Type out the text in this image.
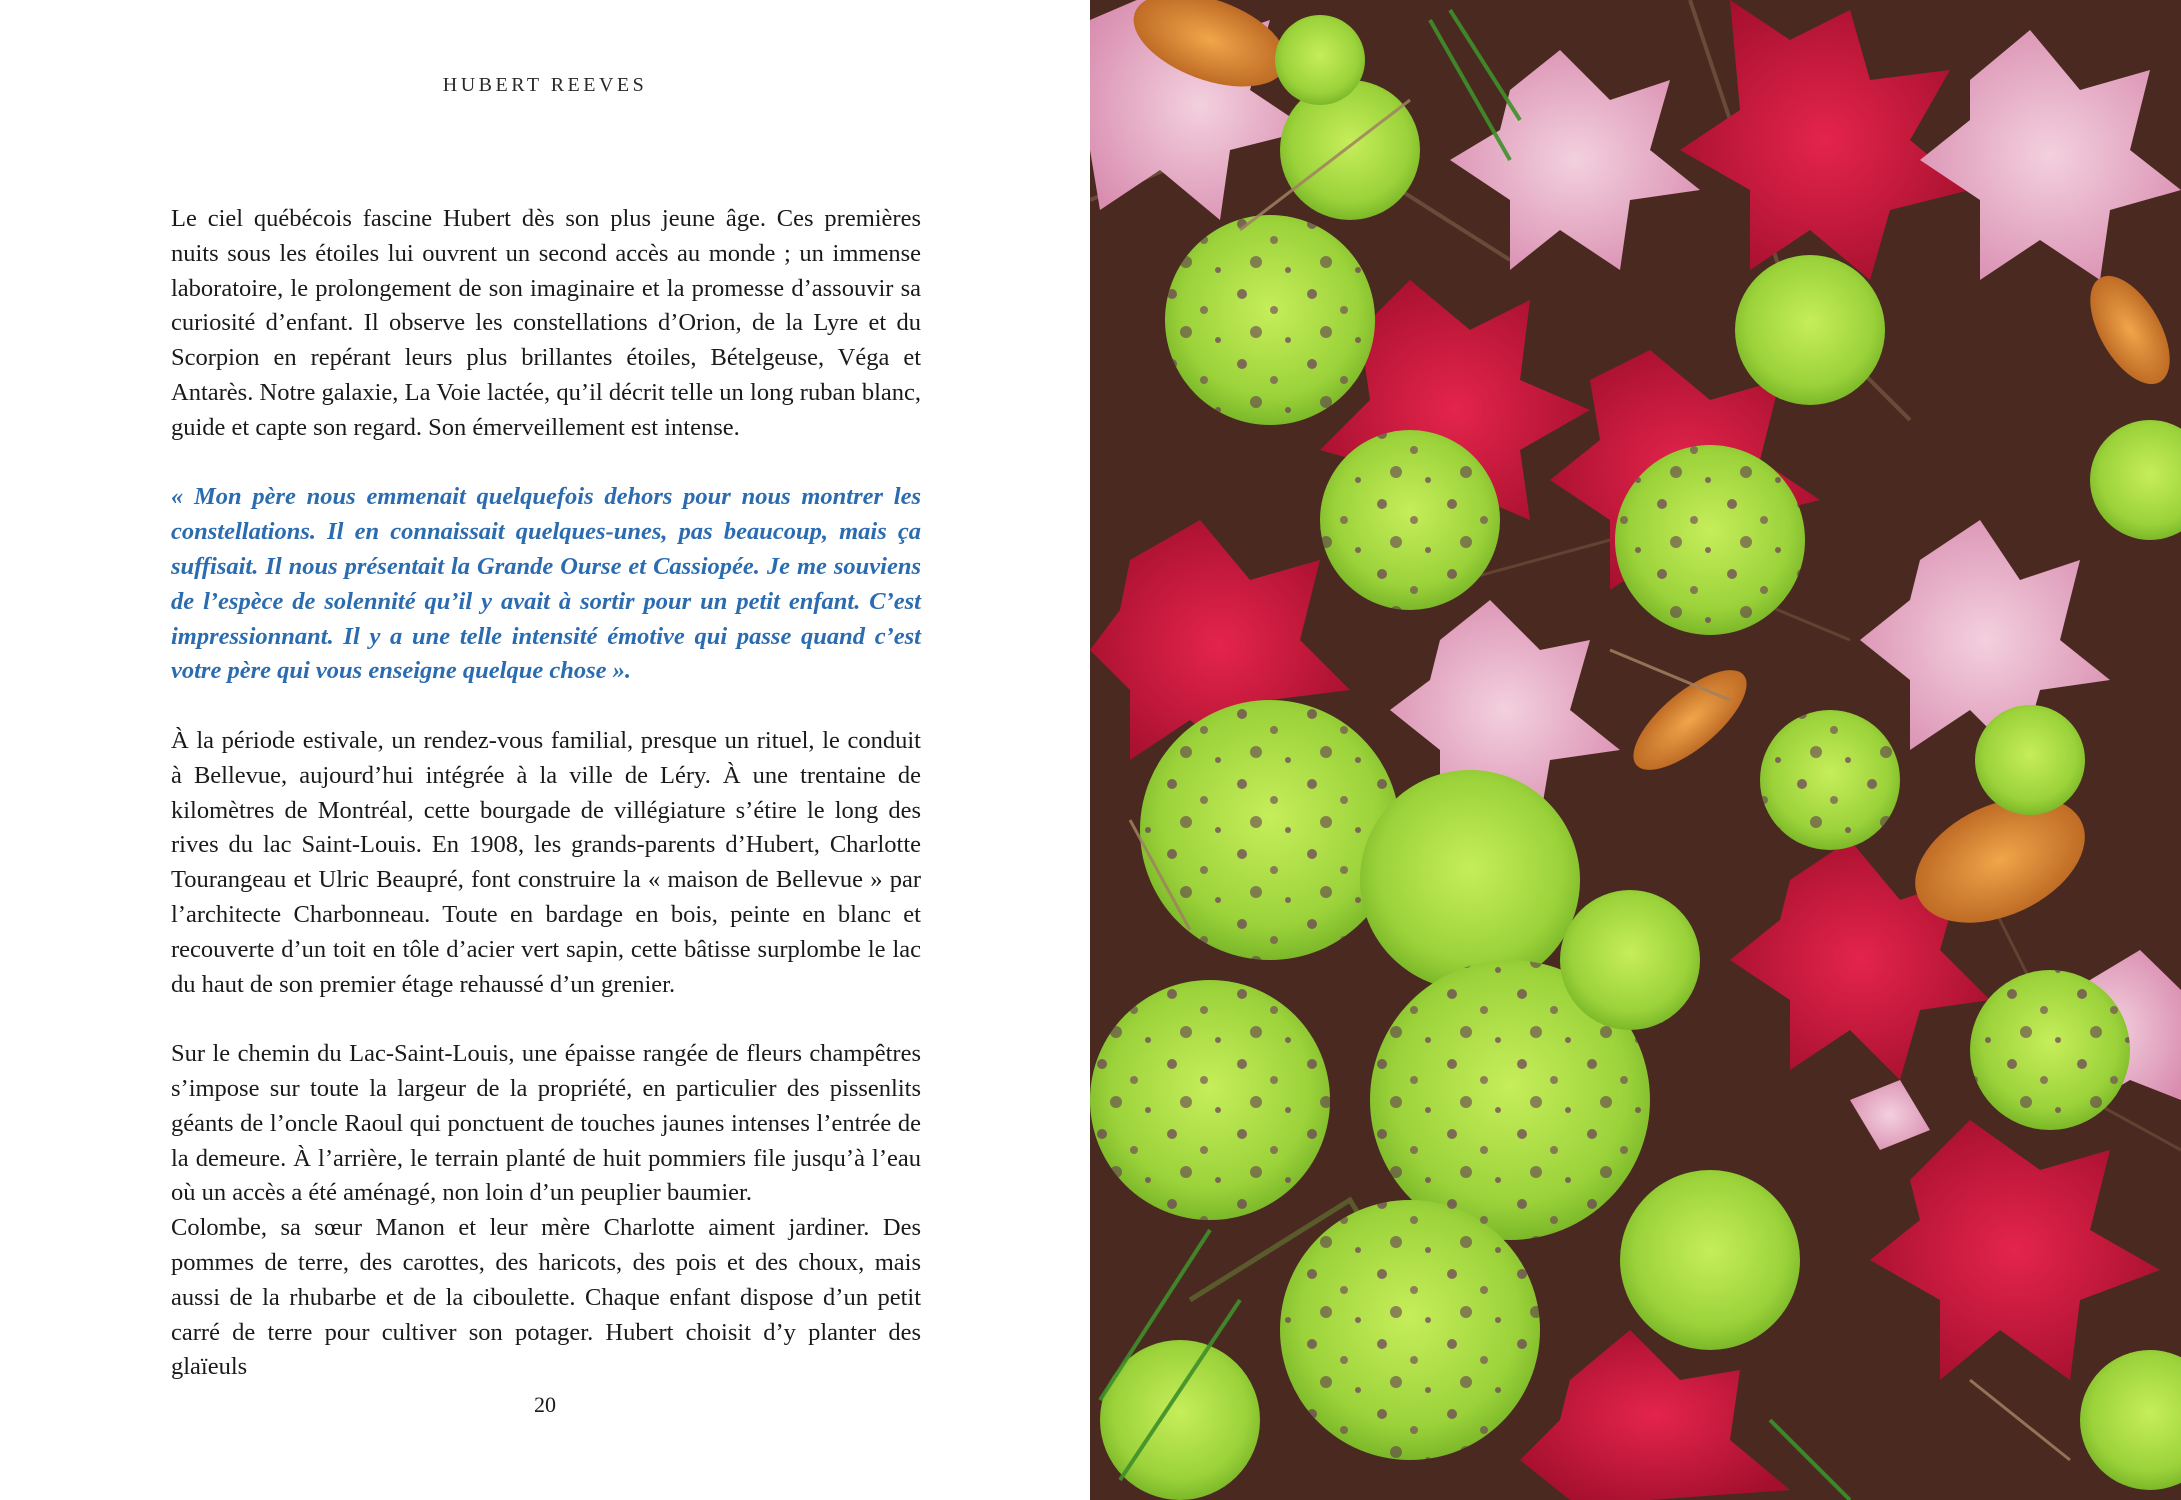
HUBERT REEVES

Le ciel québécois fascine Hubert dès son plus jeune âge. Ces premières nuits sous les étoiles lui ouvrent un second accès au monde ; un immense laboratoire, le prolongement de son imaginaire et la promesse d’assouvir sa curiosité d’enfant. Il observe les constellations d’Orion, de la Lyre et du Scorpion en repérant leurs plus brillantes étoiles, Bételgeuse, Véga et Antarès. Notre galaxie, La Voie lactée, qu’il décrit telle un long ruban blanc, guide et capte son regard. Son émerveillement est intense.

« Mon père nous emmenait quelquefois dehors pour nous montrer les constellations. Il en connaissait quelques-unes, pas beaucoup, mais ça suffisait. Il nous présentait la Grande Ourse et Cassiopée. Je me souviens de l’espèce de solennité qu’il y avait à sortir pour un petit enfant. C’est impressionnant. Il y a une telle intensité émotive qui passe quand c’est votre père qui vous enseigne quelque chose ».

À la période estivale, un rendez-vous familial, presque un rituel, le conduit à Bellevue, aujourd’hui intégrée à la ville de Léry. À une trentaine de kilomètres de Montréal, cette bourgade de villégiature s’étire le long des rives du lac Saint-Louis. En 1908, les grands-parents d’Hubert, Charlotte Tourangeau et Ulric Beaupré, font construire la « maison de Bellevue » par l’architecte Charbonneau. Toute en bardage en bois, peinte en blanc et recouverte d’un toit en tôle d’acier vert sapin, cette bâtisse surplombe le lac du haut de son premier étage rehaussé d’un grenier.

Sur le chemin du Lac-Saint-Louis, une épaisse rangée de fleurs champêtres s’impose sur toute la largeur de la propriété, en particulier des pissenlits géants de l’oncle Raoul qui ponctuent de touches jaunes intenses l’entrée de la demeure. À l’arrière, le terrain planté de huit pommiers file jusqu’à l’eau où un accès a été aménagé, non loin d’un peuplier baumier.

Colombe, sa sœur Manon et leur mère Charlotte aiment jardiner. Des pommes de terre, des carottes, des haricots, des pois et des choux, mais aussi de la rhubarbe et de la ciboulette. Chaque enfant dispose d’un petit carré de terre pour cultiver son potager. Hubert choisit d’y planter des glaïeuls

20
